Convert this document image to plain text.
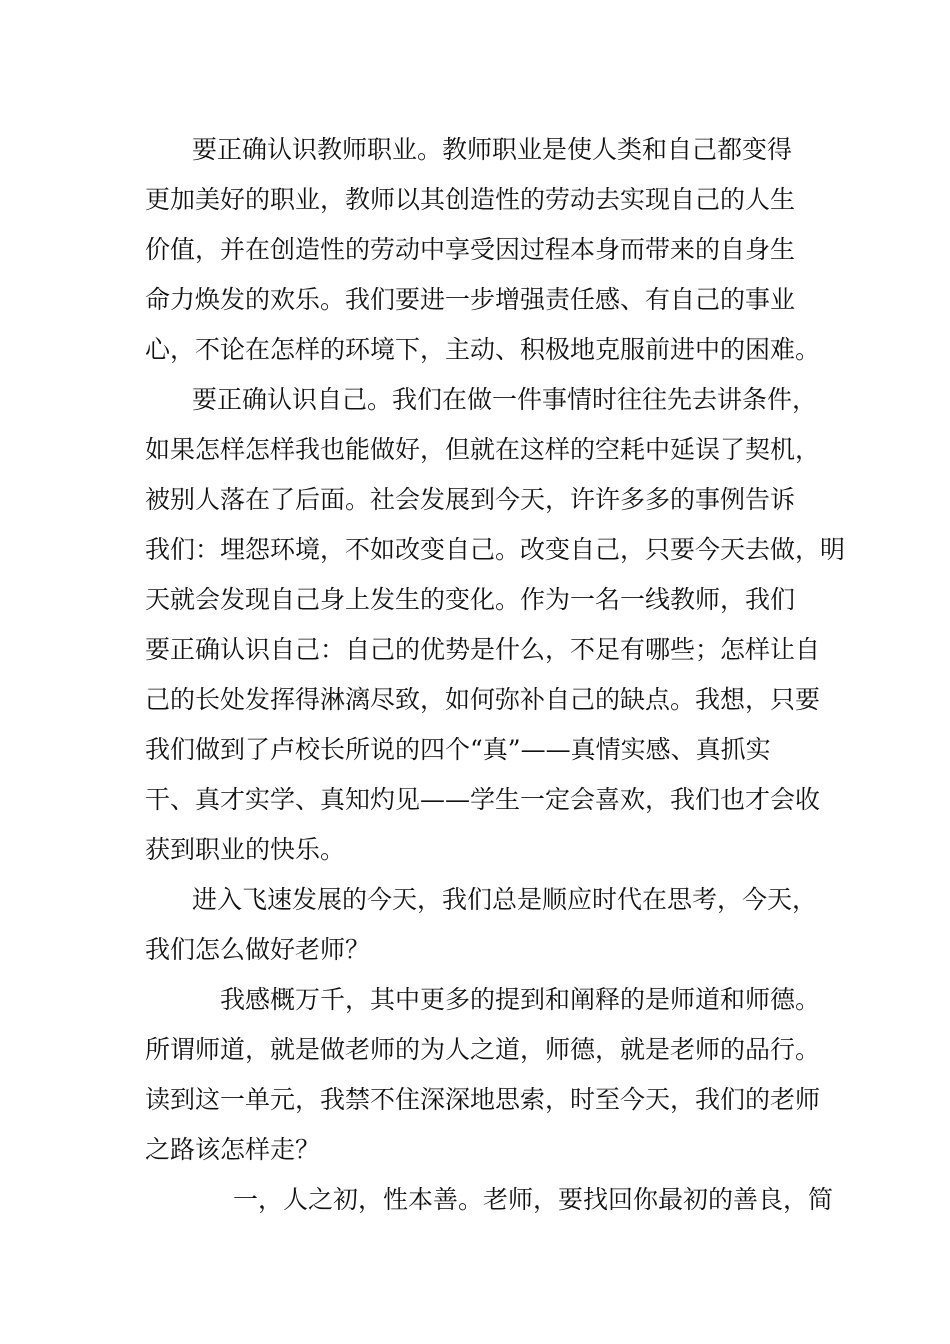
要正确认识教师职业。教师职业是使人类和自己都变得
更加美好的职业，教师以其创造性的劳动去实现自己的人生
价值，并在创造性的劳动中享受因过程本身而带来的自身生
命力焕发的欢乐。我们要进一步增强责任感、有自己的事业
心，不论在怎样的环境下，主动、积极地克服前进中的困难。
要正确认识自己。我们在做一件事情时往往先去讲条件，
如果怎样怎样我也能做好，但就在这样的空耗中延误了契机，
被别人落在了后面。社会发展到今天，许许多多的事例告诉
我们：埋怨环境，不如改变自己。改变自己，只要今天去做，明
天就会发现自己身上发生的变化。作为一名一线教师，我们
要正确认识自己：自己的优势是什么，不足有哪些；怎样让自
己的长处发挥得淋漓尽致，如何弥补自己的缺点。我想，只要
我们做到了卢校长所说的四个“真”——真情实感、真抓实
干、真才实学、真知灼见——学生一定会喜欢，我们也才会收
获到职业的快乐。
进入飞速发展的今天，我们总是顺应时代在思考，今天，
我们怎么做好老师？
我感概万千，其中更多的提到和阐释的是师道和师德。
所谓师道，就是做老师的为人之道，师德，就是老师的品行。
读到这一单元，我禁不住深深地思索，时至今天，我们的老师
之路该怎样走？
一，人之初，性本善。老师，要找回你最初的善良，简
